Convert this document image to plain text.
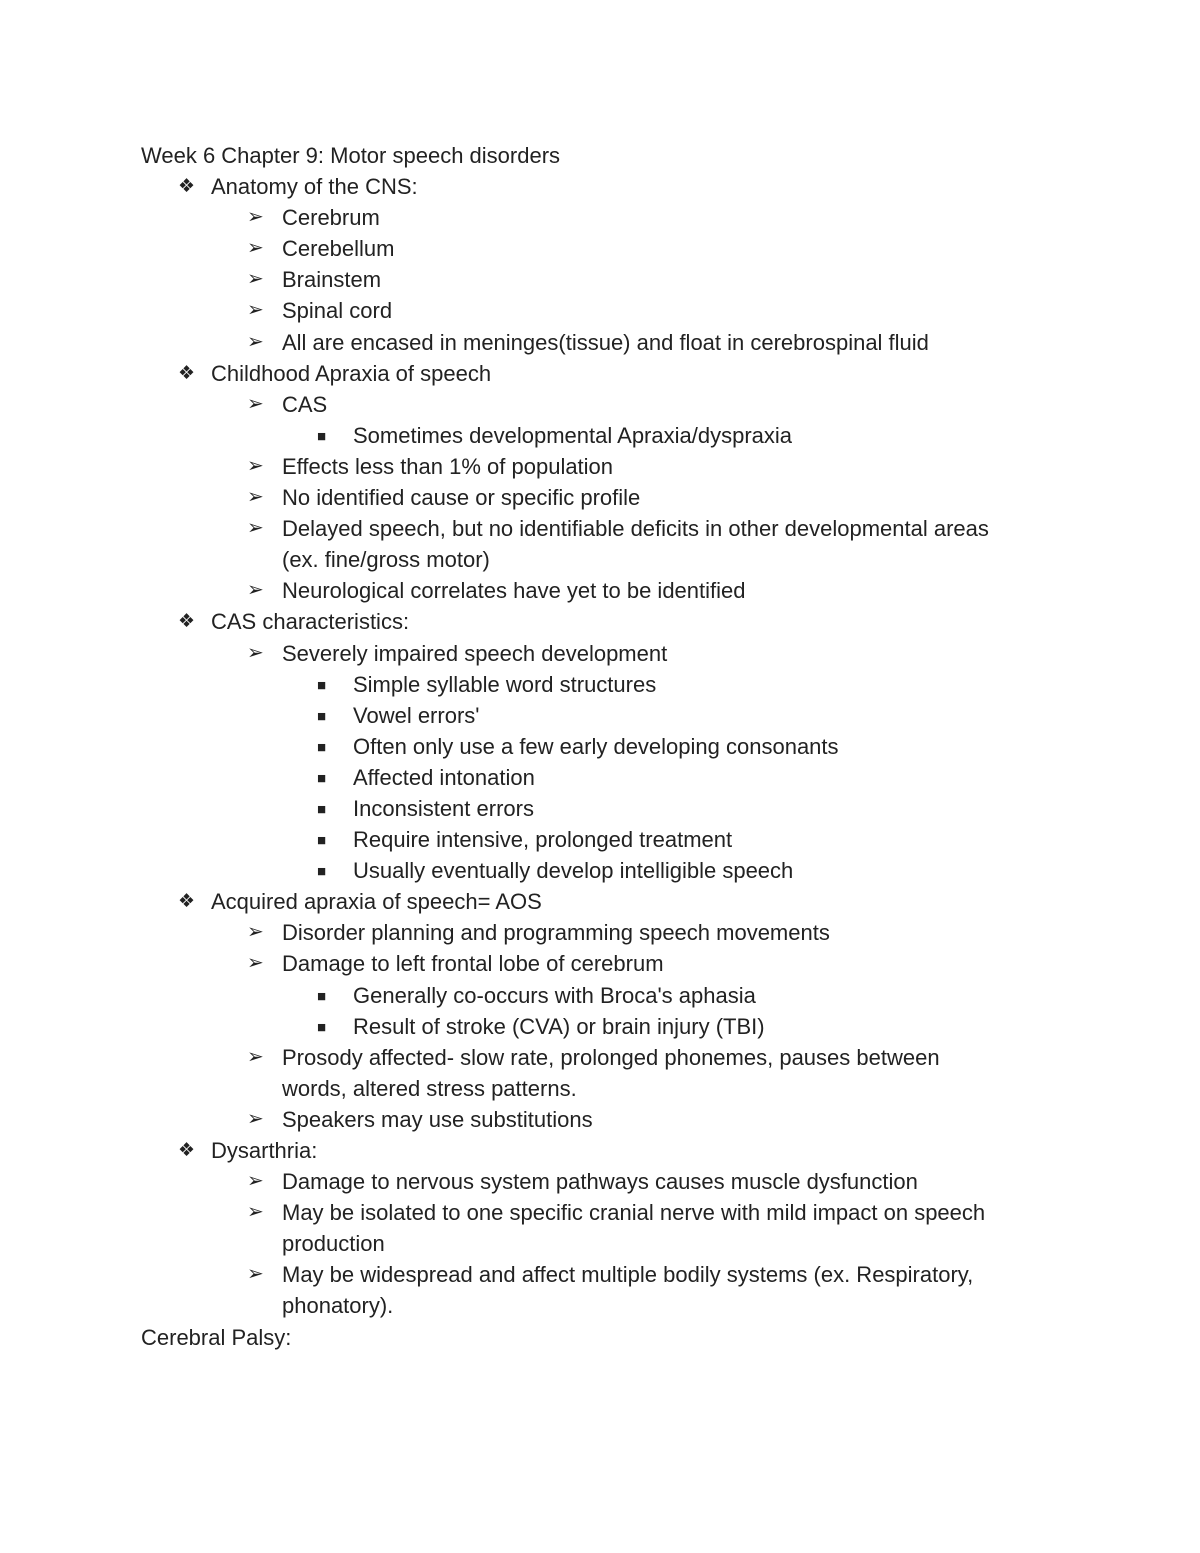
Week 6 Chapter 9: Motor speech disorders
❖ Anatomy of the CNS:
➢ Cerebrum
➢ Cerebellum
➢ Brainstem
➢ Spinal cord
➢ All are encased in meninges(tissue) and float in cerebrospinal fluid
❖ Childhood Apraxia of speech
➢ CAS
■ Sometimes developmental Apraxia/dyspraxia
➢ Effects less than 1% of population
➢ No identified cause or specific profile
➢ Delayed speech, but no identifiable deficits in other developmental areas
(ex. fine/gross motor)
➢ Neurological correlates have yet to be identified
❖ CAS characteristics:
➢ Severely impaired speech development
■ Simple syllable word structures
■ Vowel errors'
■ Often only use a few early developing consonants
■ Affected intonation
■ Inconsistent errors
■ Require intensive, prolonged treatment
■ Usually eventually develop intelligible speech
❖ Acquired apraxia of speech= AOS
➢ Disorder planning and programming speech movements
➢ Damage to left frontal lobe of cerebrum
■ Generally co-occurs with Broca's aphasia
■ Result of stroke (CVA) or brain injury (TBI)
➢ Prosody affected- slow rate, prolonged phonemes, pauses between
words, altered stress patterns.
➢ Speakers may use substitutions
❖ Dysarthria:
➢ Damage to nervous system pathways causes muscle dysfunction
➢ May be isolated to one specific cranial nerve with mild impact on speech
production
➢ May be widespread and affect multiple bodily systems (ex. Respiratory,
phonatory).
Cerebral Palsy:
